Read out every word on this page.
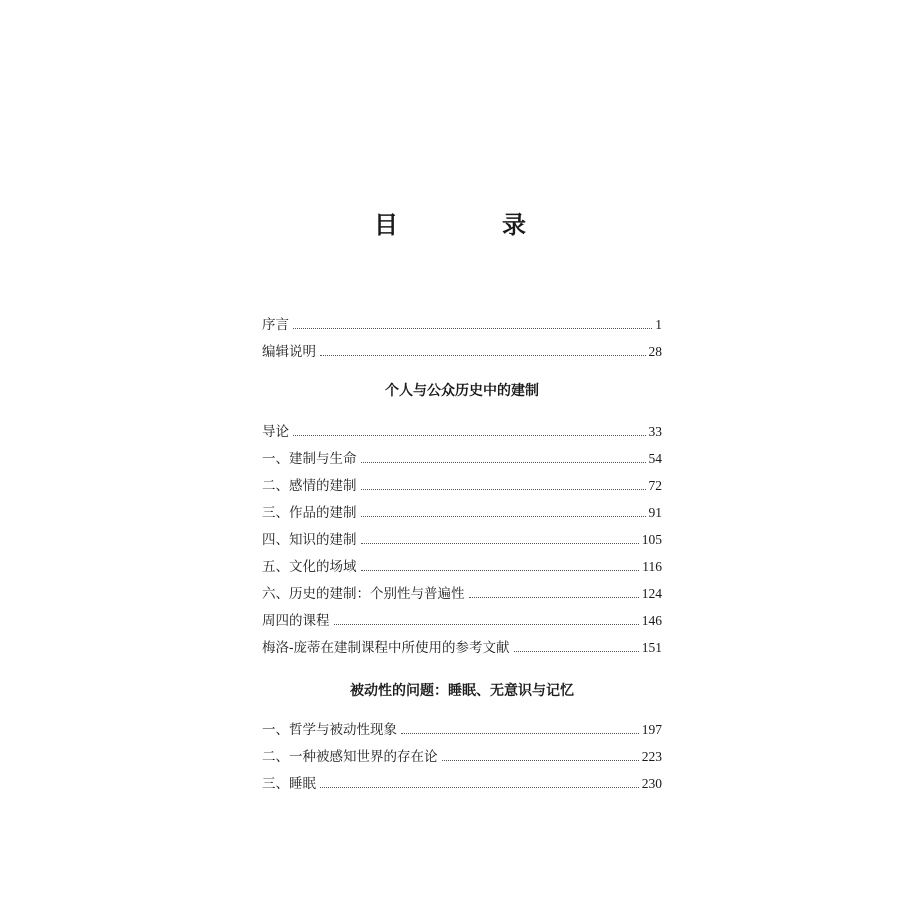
目　录
序言	1
编辑说明	28
个人与公众历史中的建制
导论	33
一、建制与生命	54
二、感情的建制	72
三、作品的建制	91
四、知识的建制	105
五、文化的场域	116
六、历史的建制：个别性与普遍性	124
周四的课程	146
梅洛-庞蒂在建制课程中所使用的参考文献	151
被动性的问题：睡眠、无意识与记忆
一、哲学与被动性现象	197
二、一种被感知世界的存在论	223
三、睡眠	230
